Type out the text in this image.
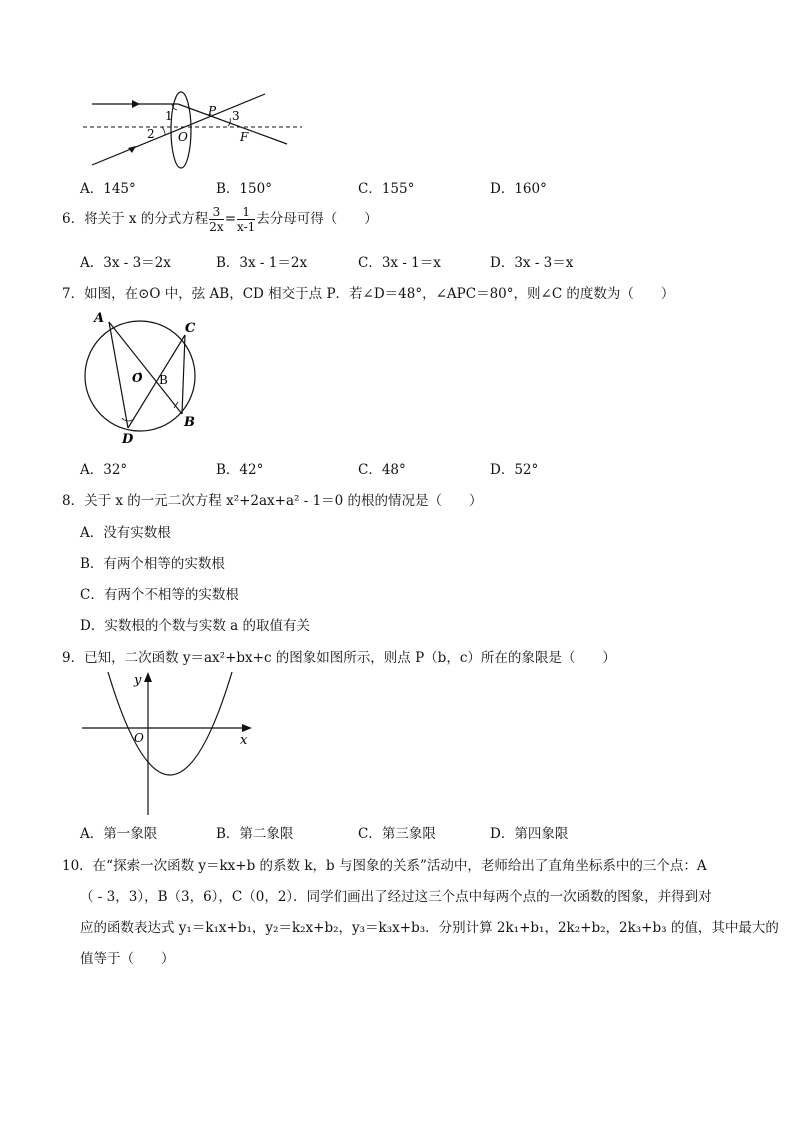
1
2 O
P 3
F
A．145°	B．150°	C．155°	D．160°
6．将关于 x 的分式方程 $\frac{3}{2x} = \frac{1}{x-1}$ 去分母可得（　　）
A．3x - 3＝2x	B．3x - 1＝2x	C．3x - 1＝x	D．3x - 3＝x
7．如图，在⊙O 中，弦 AB，CD 相交于点 P．若∠D＝48°，∠APC＝80°，则∠C 的度数为（　　）
A
C
O B
B
D
A．32°	B．42°	C．48°	D．52°
8．关于 x 的一元二次方程 x²+2ax+a² - 1＝0 的根的情况是（　　）
A．没有实数根
B．有两个相等的实数根
C．有两个不相等的实数根
D．实数根的个数与实数 a 的取值有关
9．已知，二次函数 y＝ax²+bx+c 的图象如图所示，则点 P（b，c）所在的象限是（　　）
y
x
O
A．第一象限	B．第二象限	C．第三象限	D．第四象限
10．在“探索一次函数 y＝kx+b 的系数 k，b 与图象的关系”活动中，老师给出了直角坐标系中的三个点：A
（ - 3，3），B（3，6），C（0，2）．同学们画出了经过这三个点中每两个点的一次函数的图象，并得到对
应的函数表达式 y₁＝k₁x+b₁，y₂＝k₂x+b₂，y₃＝k₃x+b₃．分别计算 2k₁+b₁，2k₂+b₂，2k₃+b₃ 的值，其中最大的
值等于（　　）
